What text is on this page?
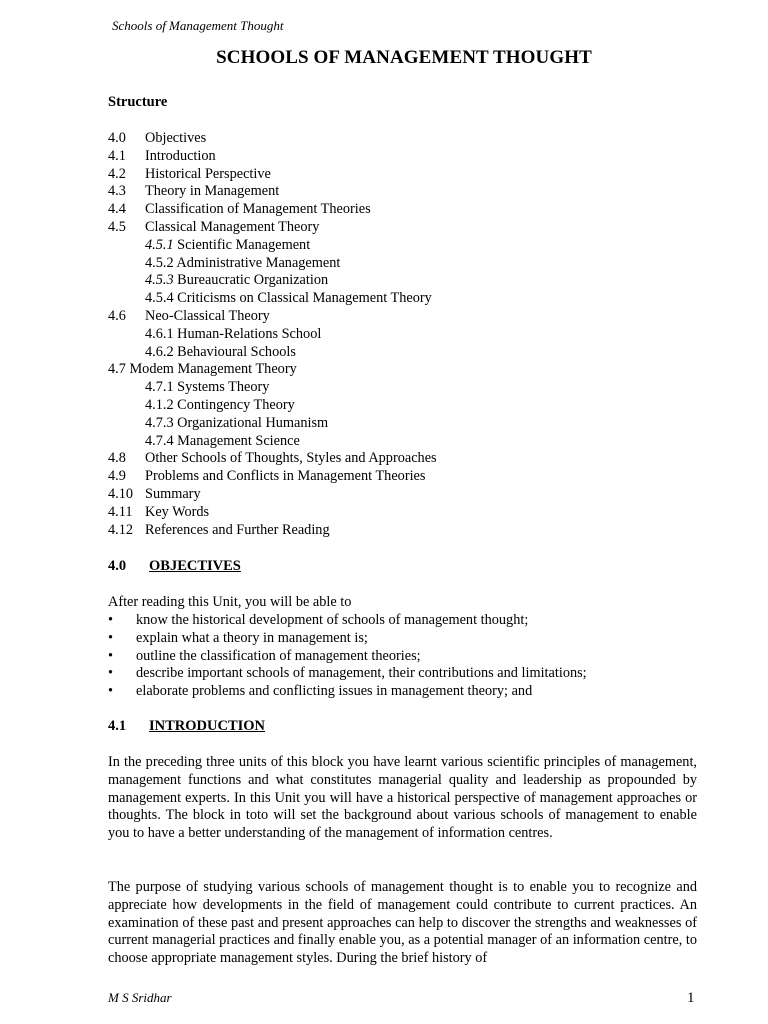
Schools of Management Thought
SCHOOLS OF MANAGEMENT THOUGHT
Structure
4.0 Objectives
4.1 Introduction
4.2 Historical Perspective
4.3 Theory in Management
4.4 Classification of Management Theories
4.5 Classical Management Theory
4.5.1 Scientific Management
4.5.2 Administrative Management
4.5.3 Bureaucratic Organization
4.5.4 Criticisms on Classical Management Theory
4.6 Neo-Classical Theory
4.6.1 Human-Relations School
4.6.2 Behavioural Schools
4.7 Modem Management Theory
4.7.1 Systems Theory
4.1.2 Contingency Theory
4.7.3 Organizational Humanism
4.7.4 Management Science
4.8 Other Schools of Thoughts, Styles and Approaches
4.9 Problems and Conflicts in Management Theories
4.10 Summary
4.11 Key Words
4.12 References and Further Reading
4.0 OBJECTIVES
After reading this Unit, you will be able to
• know the historical development of schools of management thought;
• explain what a theory in management is;
• outline the classification of management theories;
• describe important schools of management, their contributions and limitations;
• elaborate problems and conflicting issues in management theory; and
4.1 INTRODUCTION

In the preceding three units of this block you have learnt various scientific principles of management, management functions and what constitutes managerial quality and leadership as propounded by management experts. In this Unit you will have a historical perspective of management approaches or thoughts. The block in toto will set the background about various schools of management to enable you to have a better understanding of the management of information centres.

The purpose of studying various schools of management thought is to enable you to recognize and appreciate how developments in the field of management could contribute to current practices. An examination of these past and present approaches can help to discover the strengths and weaknesses of current managerial practices and finally enable you, as a potential manager of an information centre, to choose appropriate management styles. During the brief history of

M S Sridhar	1
